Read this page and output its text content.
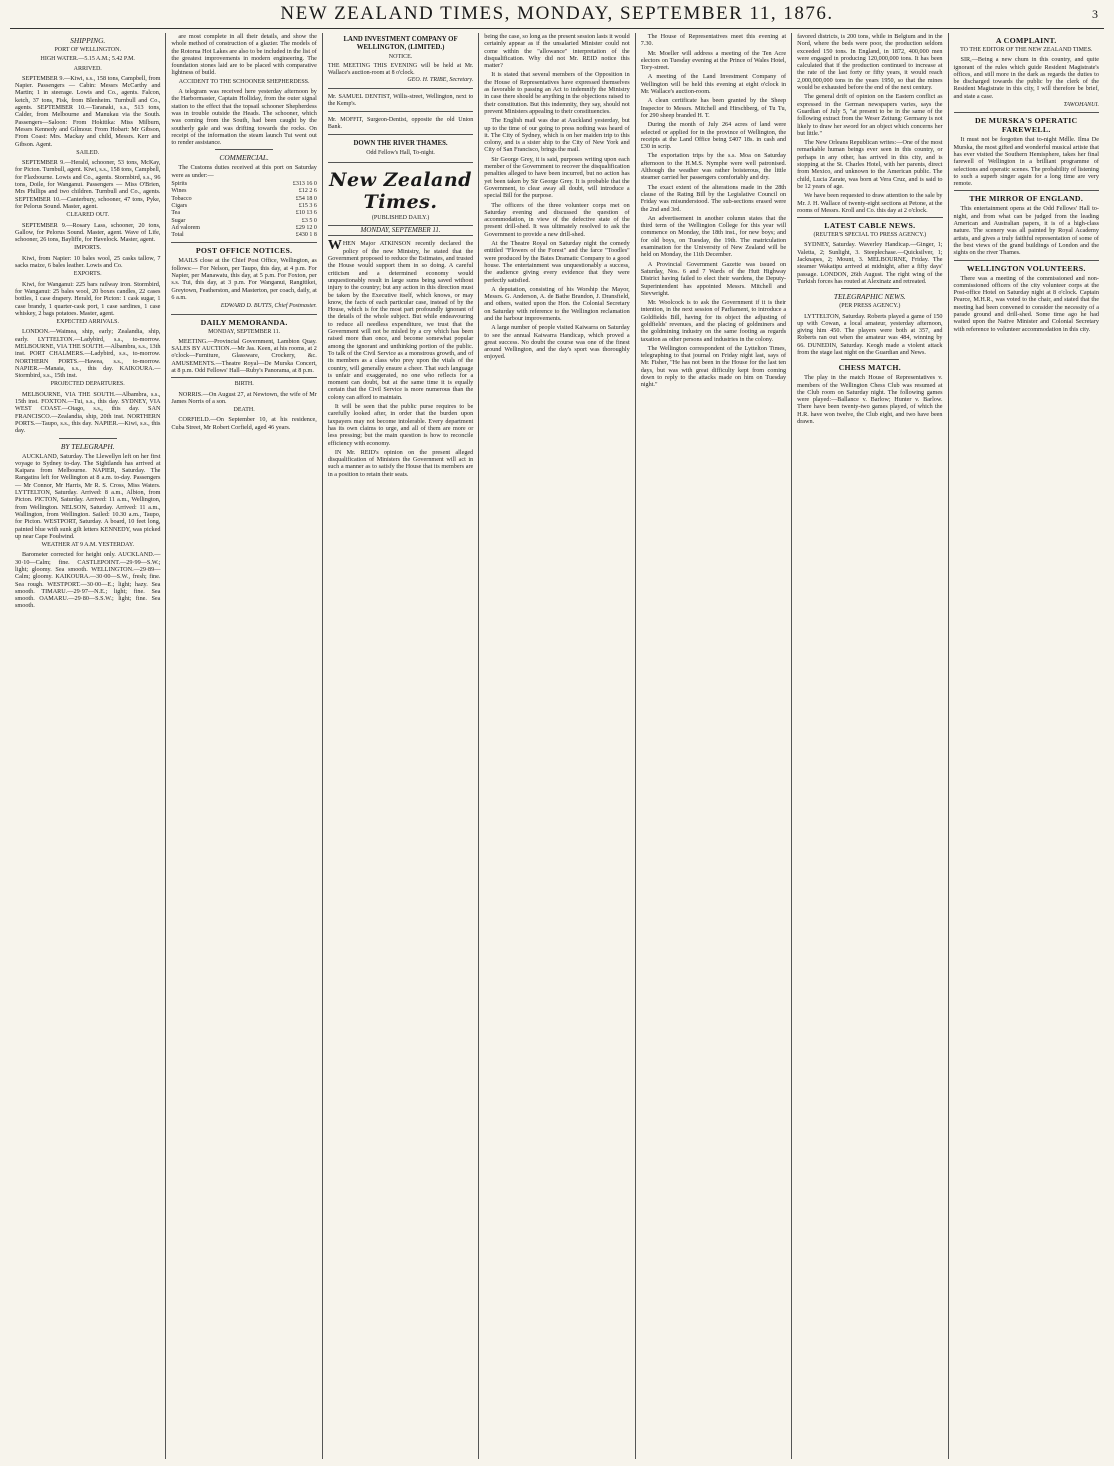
NEW ZEALAND TIMES, MONDAY, SEPTEMBER 11, 1876.	3
SHIPPING.
PORT OF WELLINGTON.
HIGH WATER.—5.15 A.M.; 5.42 P.M.
ARRIVED.

SEPTEMBER 9.—Kiwi, s.s., 158 tons, Campbell, from Napier. Passengers — Cabin: Messrs McCarthy and Martin; 1 in steerage. Lowis and Co., agents. Falcon, ketch, 37 tons, Fisk, from Blenheim. Turnbull and Co., agents. SEPTEMBER 10.—Taranaki, s.s., 513 tons, Calder, from Melbourne and Manukau via the South. Passengers—Saloon: From Hokitika: Miss Milburn, Messrs Kennedy and Gilmour. From Hobart: Mr Gibson, From Coast: Mrs. Mackay and child, Messrs. Kerr and Gibson. Agent.

SAILED.

SEPTEMBER 9.—Herald, schooner, 53 tons, McKay, for Picton. Turnbull, agent. Kiwi, s.s., 158 tons, Campbell, for Flaxbourne. Lowis and Co., agents. Stormbird, s.s., 96 tons, Doile, for Wanganui. Passengers — Miss O'Brien, Mrs Phillips and two children. Turnbull and Co., agents. SEPTEMBER 10.—Canterbury, schooner, 47 tons, Pyke, for Pelorus Sound. Master, agent.

CLEARED OUT.

SEPTEMBER 9.—Rosary Lass, schooner, 20 tons, Gallow, for Pelorus Sound. Master, agent. Wave of Life, schooner, 26 tons, Bayliffe, for Havelock. Master, agent.

IMPORTS.

Kiwi, from Napier: 10 bales wool, 25 casks tallow, 7 sacks maize, 6 bales leather. Lowis and Co.

EXPORTS.

Kiwi, for Wanganui: 225 bars railway iron. Stormbird, for Wanganui: 25 bales wool, 20 boxes candles, 22 cases bottles, 1 case drapery. Herald, for Picton: 1 cask sugar, 1 case brandy, 1 quarter-cask port, 1 case sardines, 1 case whiskey, 2 bags potatoes. Master, agent.

EXPECTED ARRIVALS.

LONDON.—Waimea, ship, early; Zealandia, ship, early. LYTTELTON.—Ladybird, s.s., to-morrow. MELBOURNE, VIA THE SOUTH.—Albambra, s.s., 13th inst. PORT CHALMERS.—Ladybird, s.s., to-morrow. NORTHERN PORTS.—Hawea, s.s., to-morrow. NAPIER.—Manaia, s.s., this day. KAIKOURA.—Stormbird, s.s., 15th inst.

PROJECTED DEPARTURES.

MELBOURNE, VIA THE SOUTH.—Albambra, s.s., 15th inst. FOXTON.—Tui, s.s., this day. SYDNEY, VIA WEST COAST.—Otago, s.s., this day. SAN FRANCISCO.—Zealandia, ship, 20th inst. NORTHERN PORTS.—Taupo, s.s., this day. NAPIER.—Kiwi, s.s., this day.

BY TELEGRAPH.

AUCKLAND, Saturday. The Llewellyn left on her first voyage to Sydney to-day. The Sightlands has arrived at Kaipara from Melbourne. NAPIER, Saturday. The Rangatira left for Wellington at 8 a.m. to-day. Passengers — Mr Connor, Mr Harris, Mr R. S. Cross, Miss Waters. LYTTELTON, Saturday. Arrived: 8 a.m., Albion, from Picton. PICTON, Saturday. Arrived: 11 a.m., Wellington, from Wellington. NELSON, Saturday. Arrived: 11 a.m., Wallington, from Wellington. Sailed: 10.30 a.m., Taupo, for Picton. WESTPORT, Saturday. A board, 10 feet long, painted blue with sunk gilt letters KENNEDY, was picked up near Cape Foulwind.

WEATHER AT 9 A.M. YESTERDAY.

Barometer corrected for height only. AUCKLAND.—30·10—Calm; fine. CASTLEPOINT.—29·99—S.W.; light; gloomy. Sea smooth. WELLINGTON.—29·89—Calm; gloomy. KAIKOURA.—30·00—S.W., fresh; fine. Sea rough. WESTPORT.—30·00—E.; light; hazy. Sea smooth. TIMARU.—29·97—N.E.; light; fine. Sea smooth. OAMARU.—29·80—S.S.W.; light; fine. Sea smooth.

are most complete in all their details, and show the whole method of construction of a glazier. The models of the Rotorua Hot Lakes are also to be included in the list of the greatest improvements in modern engineering. The foundation stones laid are to be placed with comparative lightness of build.

ACCIDENT TO THE SCHOONER SHEPHERDESS.

A telegram was received here yesterday afternoon by the Harbormaster, Captain Holliday, from the outer signal station to the effect that the topsail schooner Shepherdess was in trouble outside the Heads. The schooner, which was coming from the South, had been caught by the southerly gale and was drifting towards the rocks. On receipt of the information the steam launch Tui went out to render assistance.

COMMERCIAL.

The Customs duties received at this port on Saturday were as under:—

Spirits	£313 16 0
Wines	£12 2 6
Tobacco	£54 18 0
Cigars	£15 3 6
Tea	£10 13 6
Sugar	£3 5 0
Ad valorem	£29 12 0
Total	£430 1 8
POST OFFICE NOTICES.

MAILS close at the Chief Post Office, Wellington, as follows:— For Nelson, per Taupo, this day, at 4 p.m. For Napier, per Manawatu, this day, at 5 p.m. For Foxton, per s.s. Tui, this day, at 3 p.m. For Wanganui, Rangitikei, Greytown, Featherston, and Masterton, per coach, daily, at 6 a.m.

EDWARD D. BUTTS, Chief Postmaster.
DAILY MEMORANDA.
MONDAY, SEPTEMBER 11.

MEETING.—Provincial Government, Lambton Quay. SALES BY AUCTION.—Mr Jas. Keen, at his rooms, at 2 o'clock—Furniture, Glassware, Crockery, &c. AMUSEMENTS.—Theatre Royal—De Murska Concert, at 8 p.m. Odd Fellows' Hall—Ruby's Panorama, at 8 p.m.

BIRTH.

NORRIS.—On August 27, at Newtown, the wife of Mr James Norris of a son.

DEATH.

CORFIELD.—On September 10, at his residence, Cuba Street, Mr Robert Corfield, aged 46 years.

LAND INVESTMENT COMPANY OF WELLINGTON, (LIMITED.)
NOTICE.
THE MEETING THIS EVENING will be held at Mr. Wallace's auction-room at 8 o'clock.
GEO. H. TRIBE, Secretary.
Mr. SAMUEL DENTIST, Willis-street, Wellington, next to the Kemp's.
Mr. MOFFIT, Surgeon-Dentist, opposite the old Union Bank.
DOWN THE RIVER THAMES.
Odd Fellow's Hall, To-night.
New Zealand Times.
(PUBLISHED DAILY.)
MONDAY, SEPTEMBER 11.

WHEN Major ATKINSON recently declared the policy of the new Ministry, he stated that the Government proposed to reduce the Estimates, and trusted the House would support them in so doing. A careful criticism and a determined economy would unquestionably result in large sums being saved without injury to the country; but any action in this direction must be taken by the Executive itself, which knows, or may know, the facts of each particular case, instead of by the House, which is for the most part profoundly ignorant of the details of the whole subject. But while endeavouring to reduce all needless expenditure, we trust that the Government will not be misled by a cry which has been raised more than once, and become somewhat popular among the ignorant and unthinking portion of the public. To talk of the Civil Service as a monstrous growth, and of its members as a class who prey upon the vitals of the country, will generally ensure a cheer. That such language is unfair and exaggerated, no one who reflects for a moment can doubt, but at the same time it is equally certain that the Civil Service is more numerous than the colony can afford to maintain.

It will be seen that the public purse requires to be carefully looked after, in order that the burden upon taxpayers may not become intolerable. Every department has its own claims to urge, and all of them are more or less pressing; but the main question is how to reconcile efficiency with economy.

IN Mr. REID's opinion on the present alleged disqualification of Ministers the Government will act in such a manner as to satisfy the House that its members are in a position to retain their seats.

being the case, so long as the present session lasts it would certainly appear as if the unsalaried Minister could not come within the "allowance" interpretation of the disqualification. Why did not Mr. REID notice this matter?

It is stated that several members of the Opposition in the House of Representatives have expressed themselves as favorable to passing an Act to indemnify the Ministry in case there should be anything in the objections raised to their constitution. But this indemnity, they say, should not prevent Ministers appealing to their constituencies.

The English mail was due at Auckland yesterday, but up to the time of our going to press nothing was heard of it. The City of Sydney, which is on her maiden trip to this colony, and is a sister ship to the City of New York and City of San Francisco, brings the mail.

Sir George Grey, it is said, purposes writing upon each member of the Government to recover the disqualification penalties alleged to have been incurred, but no action has yet been taken by Sir George Grey. It is probable that the Government, to clear away all doubt, will introduce a special Bill for the purpose.

The officers of the three volunteer corps met on Saturday evening and discussed the question of accommodation, in view of the defective state of the present drill-shed. It was ultimately resolved to ask the Government to provide a new drill-shed.

At the Theatre Royal on Saturday night the comedy entitled "Flowers of the Forest" and the farce "Toodles" were produced by the Bates Dramatic Company to a good house. The entertainment was unquestionably a success, the audience giving every evidence that they were perfectly satisfied.

A deputation, consisting of his Worship the Mayor, Messrs. G. Anderson, A. de Bathe Brandon, J. Dransfield, and others, waited upon the Hon. the Colonial Secretary on Saturday with reference to the Wellington reclamation and the harbour improvements.

A large number of people visited Kaiwarra on Saturday to see the annual Kaiwarra Handicap, which proved a great success. No doubt the course was one of the finest around Wellington, and the day's sport was thoroughly enjoyed.

The House of Representatives meet this evening at 7.30.

Mr. Moeller will address a meeting of the Ten Acre electors on Tuesday evening at the Prince of Wales Hotel, Tory-street.

A meeting of the Land Investment Company of Wellington will be held this evening at eight o'clock in Mr. Wallace's auction-room.

A clean certificate has been granted by the Sheep Inspector to Messrs. Mitchell and Hirschberg, of Tu Tu, for 290 sheep branded H. T.

During the month of July 264 acres of land were selected or applied for in the province of Wellington, the receipts at the Land Office being £407 18s. in cash and £30 in scrip.

The exportation trips by the s.s. Moa on Saturday afternoon to the H.M.S. Nymphe were well patronised. Although the weather was rather boisterous, the little steamer carried her passengers comfortably and dry.

The exact extent of the alterations made in the 28th clause of the Rating Bill by the Legislative Council on Friday was misunderstood. The sub-sections erased were the 2nd and 3rd.

An advertisement in another column states that the third term of the Wellington College for this year will commence on Monday, the 18th inst., for new boys; and for old boys, on Tuesday, the 19th. The matriculation examination for the University of New Zealand will be held on Monday, the 11th December.

A Provincial Government Gazette was issued on Saturday, Nos. 6 and 7 Wards of the Hutt Highway District having failed to elect their wardens, the Deputy-Superintendent has appointed Messrs. Mitchell and Sievwright.

Mr. Woolcock is to ask the Government if it is their intention, in the next session of Parliament, to introduce a Goldfields Bill, having for its object the adjusting of goldfields' revenues, and the placing of goldminers and the goldmining industry on the same footing as regards taxation as other persons and industries in the colony.

The Wellington correspondent of the Lyttelton Times, telegraphing to that journal on Friday night last, says of Mr. Fisher, "He has not been in the House for the last ten days, but was with great difficulty kept from coming down to reply to the attacks made on him on Tuesday night."

favored districts, is 200 tons, while in Belgium and in the Nord, where the beds were poor, the production seldom exceeded 150 tons. In England, in 1872, 400,000 men were engaged in producing 120,000,000 tons. It has been calculated that if the production continued to increase at the rate of the last forty or fifty years, it would reach 2,000,000,000 tons in the years 1950, so that the mines would be exhausted before the end of the next century.

The general drift of opinion on the Eastern conflict as expressed in the German newspapers varies, says the Guardian of July 5, "at present to be in the same of the following extract from the Weser Zeitung: Germany is not likely to draw her sword for an object which concerns her but little."

The New Orleans Republican writes:—One of the most remarkable human beings ever seen in this country, or perhaps in any other, has arrived in this city, and is stopping at the St. Charles Hotel, with her parents, direct from Mexico, and unknown to the American public. The child, Lucia Zarate, was born at Vera Cruz, and is said to be 12 years of age.

We have been requested to draw attention to the sale by Mr. J. H. Wallace of twenty-eight sections at Petone, at the rooms of Messrs. Kroll and Co. this day at 2 o'clock.

LATEST CABLE NEWS.
(REUTER'S SPECIAL TO PRESS AGENCY.)

SYDNEY, Saturday. Waverley Handicap.—Ginger, 1; Valetta, 2; Sunlight, 3. Steeplechase.—Quicksilver, 1; Jacknapes, 2; Mount, 3. MELBOURNE, Friday. The steamer Wakatipu arrived at midnight, after a fifty days' passage. LONDON, 26th August. The right wing of the Turkish forces has routed at Alexinatz and retreated.

TELEGRAPHIC NEWS.
(PER PRESS AGENCY.)

LYTTELTON, Saturday. Roberts played a game of 150 up with Cowan, a local amateur, yesterday afternoon, giving him 450. The players were both at 357, and Roberts ran out when the amateur was 484, winning by 66. DUNEDIN, Saturday. Keogh made a violent attack from the stage last night on the Guardian and News.

CHESS MATCH.

The play in the match House of Representatives v. members of the Wellington Chess Club was resumed at the Club room on Saturday night. The following games were played:—Ballance v. Barlow; Hunter v. Barlow. There have been twenty-two games played, of which the H.R. have won twelve, the Club eight, and two have been drawn.

A COMPLAINT.
TO THE EDITOR OF THE NEW ZEALAND TIMES.

SIR,—Being a new chum in this country, and quite ignorant of the rules which guide Resident Magistrate's offices, and still more in the dark as regards the duties to be discharged towards the public by the clerk of the Resident Magistrate in this city, I will therefore be brief, and state a case.

TAWOHANUI.
DE MURSKA'S OPERATIC FAREWELL.

It must not be forgotten that to-night Mdlle. Ilma De Murska, the most gifted and wonderful musical artiste that has ever visited the Southern Hemisphere, takes her final farewell of Wellington in a brilliant programme of selections and operatic scenes. The probability of listening to such a superb singer again for a long time are very remote.

THE MIRROR OF ENGLAND.

This entertainment opens at the Odd Fellows' Hall to-night, and from what can be judged from the leading American and Australian papers, it is of a high-class nature. The scenery was all painted by Royal Academy artists, and gives a truly faithful representation of some of the best views of the grand buildings of London and the sights on the river Thames.

WELLINGTON VOLUNTEERS.

There was a meeting of the commissioned and non-commissioned officers of the city volunteer corps at the Post-office Hotel on Saturday night at 8 o'clock. Captain Pearce, M.H.R., was voted to the chair, and stated that the meeting had been convened to consider the necessity of a parade ground and drill-shed. Some time ago he had waited upon the Native Minister and Colonial Secretary with reference to volunteer accommodation in this city.
